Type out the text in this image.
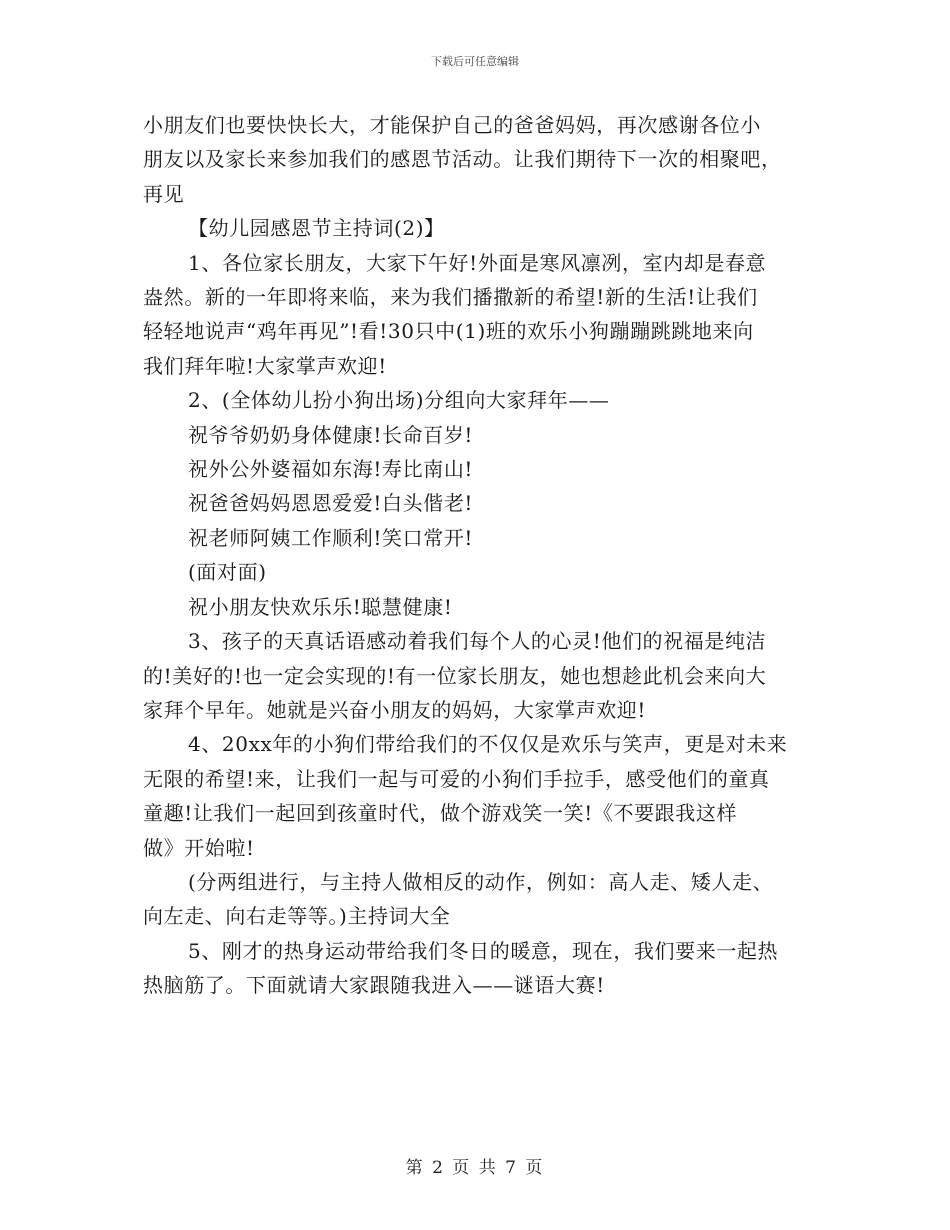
下载后可任意编辑
小朋友们也要快快长大，才能保护自己的爸爸妈妈，再次感谢各位小
朋友以及家长来参加我们的感恩节活动。让我们期待下一次的相聚吧，
再见
【幼儿园感恩节主持词(2)】
1、各位家长朋友，大家下午好!外面是寒风凛冽，室内却是春意
盎然。新的一年即将来临，来为我们播撒新的希望!新的生活!让我们
轻轻地说声“鸡年再见”!看!30只中(1)班的欢乐小狗蹦蹦跳跳地来向
我们拜年啦!大家掌声欢迎!
2、(全体幼儿扮小狗出场)分组向大家拜年——
祝爷爷奶奶身体健康!长命百岁!
祝外公外婆福如东海!寿比南山!
祝爸爸妈妈恩恩爱爱!白头偕老!
祝老师阿姨工作顺利!笑口常开!
(面对面)
祝小朋友快欢乐乐!聪慧健康!
3、孩子的天真话语感动着我们每个人的心灵!他们的祝福是纯洁
的!美好的!也一定会实现的!有一位家长朋友，她也想趁此机会来向大
家拜个早年。她就是兴奋小朋友的妈妈，大家掌声欢迎!
4、20xx年的小狗们带给我们的不仅仅是欢乐与笑声，更是对未来
无限的希望!来，让我们一起与可爱的小狗们手拉手，感受他们的童真
童趣!让我们一起回到孩童时代，做个游戏笑一笑!《不要跟我这样
做》开始啦!
(分两组进行，与主持人做相反的动作，例如：高人走、矮人走、
向左走、向右走等等。)主持词大全
5、刚才的热身运动带给我们冬日的暖意，现在，我们要来一起热
热脑筋了。下面就请大家跟随我进入——谜语大赛!
第 2 页 共 7 页
